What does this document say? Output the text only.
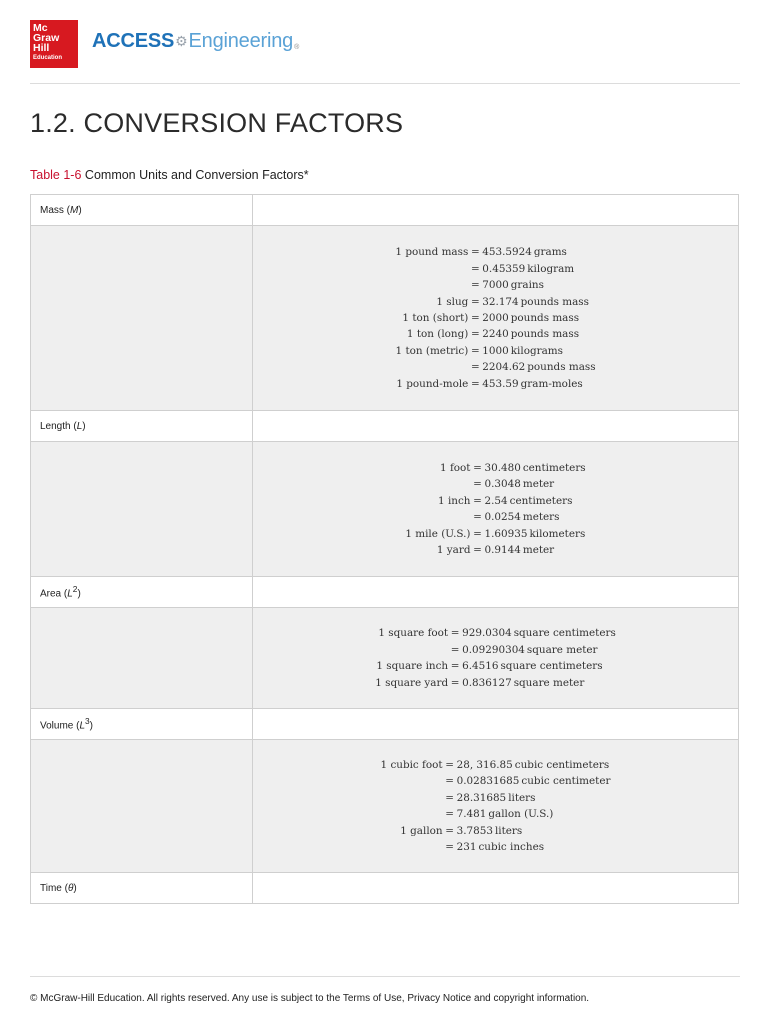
Mc
Graw
Hill
Education
ACCESS ⚙ Engineering ®
1.2. CONVERSION FACTORS
Table 1-6 Common Units and Conversion Factors*
Mass (M)	

1 pound mass	=	453.5924 grams
	=	0.45359 kilogram
	=	7000 grains
1 slug	=	32.174 pounds mass
1 ton (short)	=	2000 pounds mass
1 ton (long)	=	2240 pounds mass
1 ton (metric)	=	1000 kilograms
	=	2204.62 pounds mass
1 pound-mole	=	453.59 gram-moles

Length (L)	

1 foot	=	30.480 centimeters
	=	0.3048 meter
1 inch	=	2.54 centimeters
	=	0.0254 meters
1 mile (U.S.)	=	1.60935 kilometers
1 yard	=	0.9144 meter

Area $(L^2)$	

1 square foot	=	929.0304 square centimeters
	=	0.09290304 square meter
1 square inch	=	6.4516 square centimeters
1 square yard	=	0.836127 square meter

Volume $(L^3)$	

1 cubic foot	=	28, 316.85 cubic centimeters
	=	0.02831685 cubic centimeter
	=	28.31685 liters
	=	7.481 gallon (U.S.)
1 gallon	=	3.7853 liters
	=	231 cubic inches

Time (θ)	
© McGraw-Hill Education. All rights reserved. Any use is subject to the Terms of Use, Privacy Notice and copyright information.
